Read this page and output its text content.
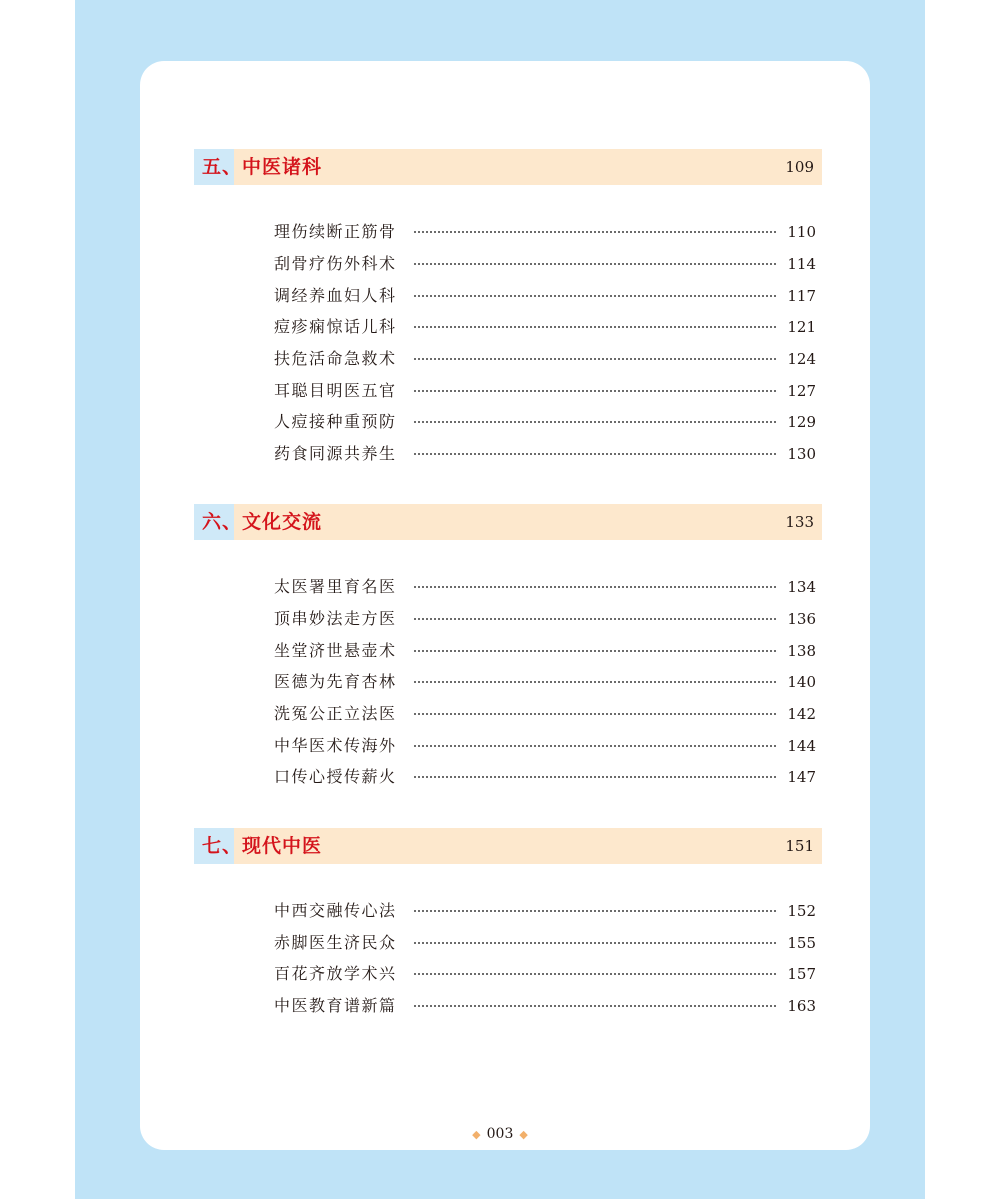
五、中医诸科	109
理伤续断正筋骨	110
刮骨疗伤外科术	114
调经养血妇人科	117
痘疹痫惊话儿科	121
扶危活命急救术	124
耳聪目明医五官	127
人痘接种重预防	129
药食同源共养生	130
六、文化交流	133
太医署里育名医	134
顶串妙法走方医	136
坐堂济世悬壶术	138
医德为先育杏林	140
洗冤公正立法医	142
中华医术传海外	144
口传心授传薪火	147
七、现代中医	151
中西交融传心法	152
赤脚医生济民众	155
百花齐放学术兴	157
中医教育谱新篇	163
◆ 003 ◆
